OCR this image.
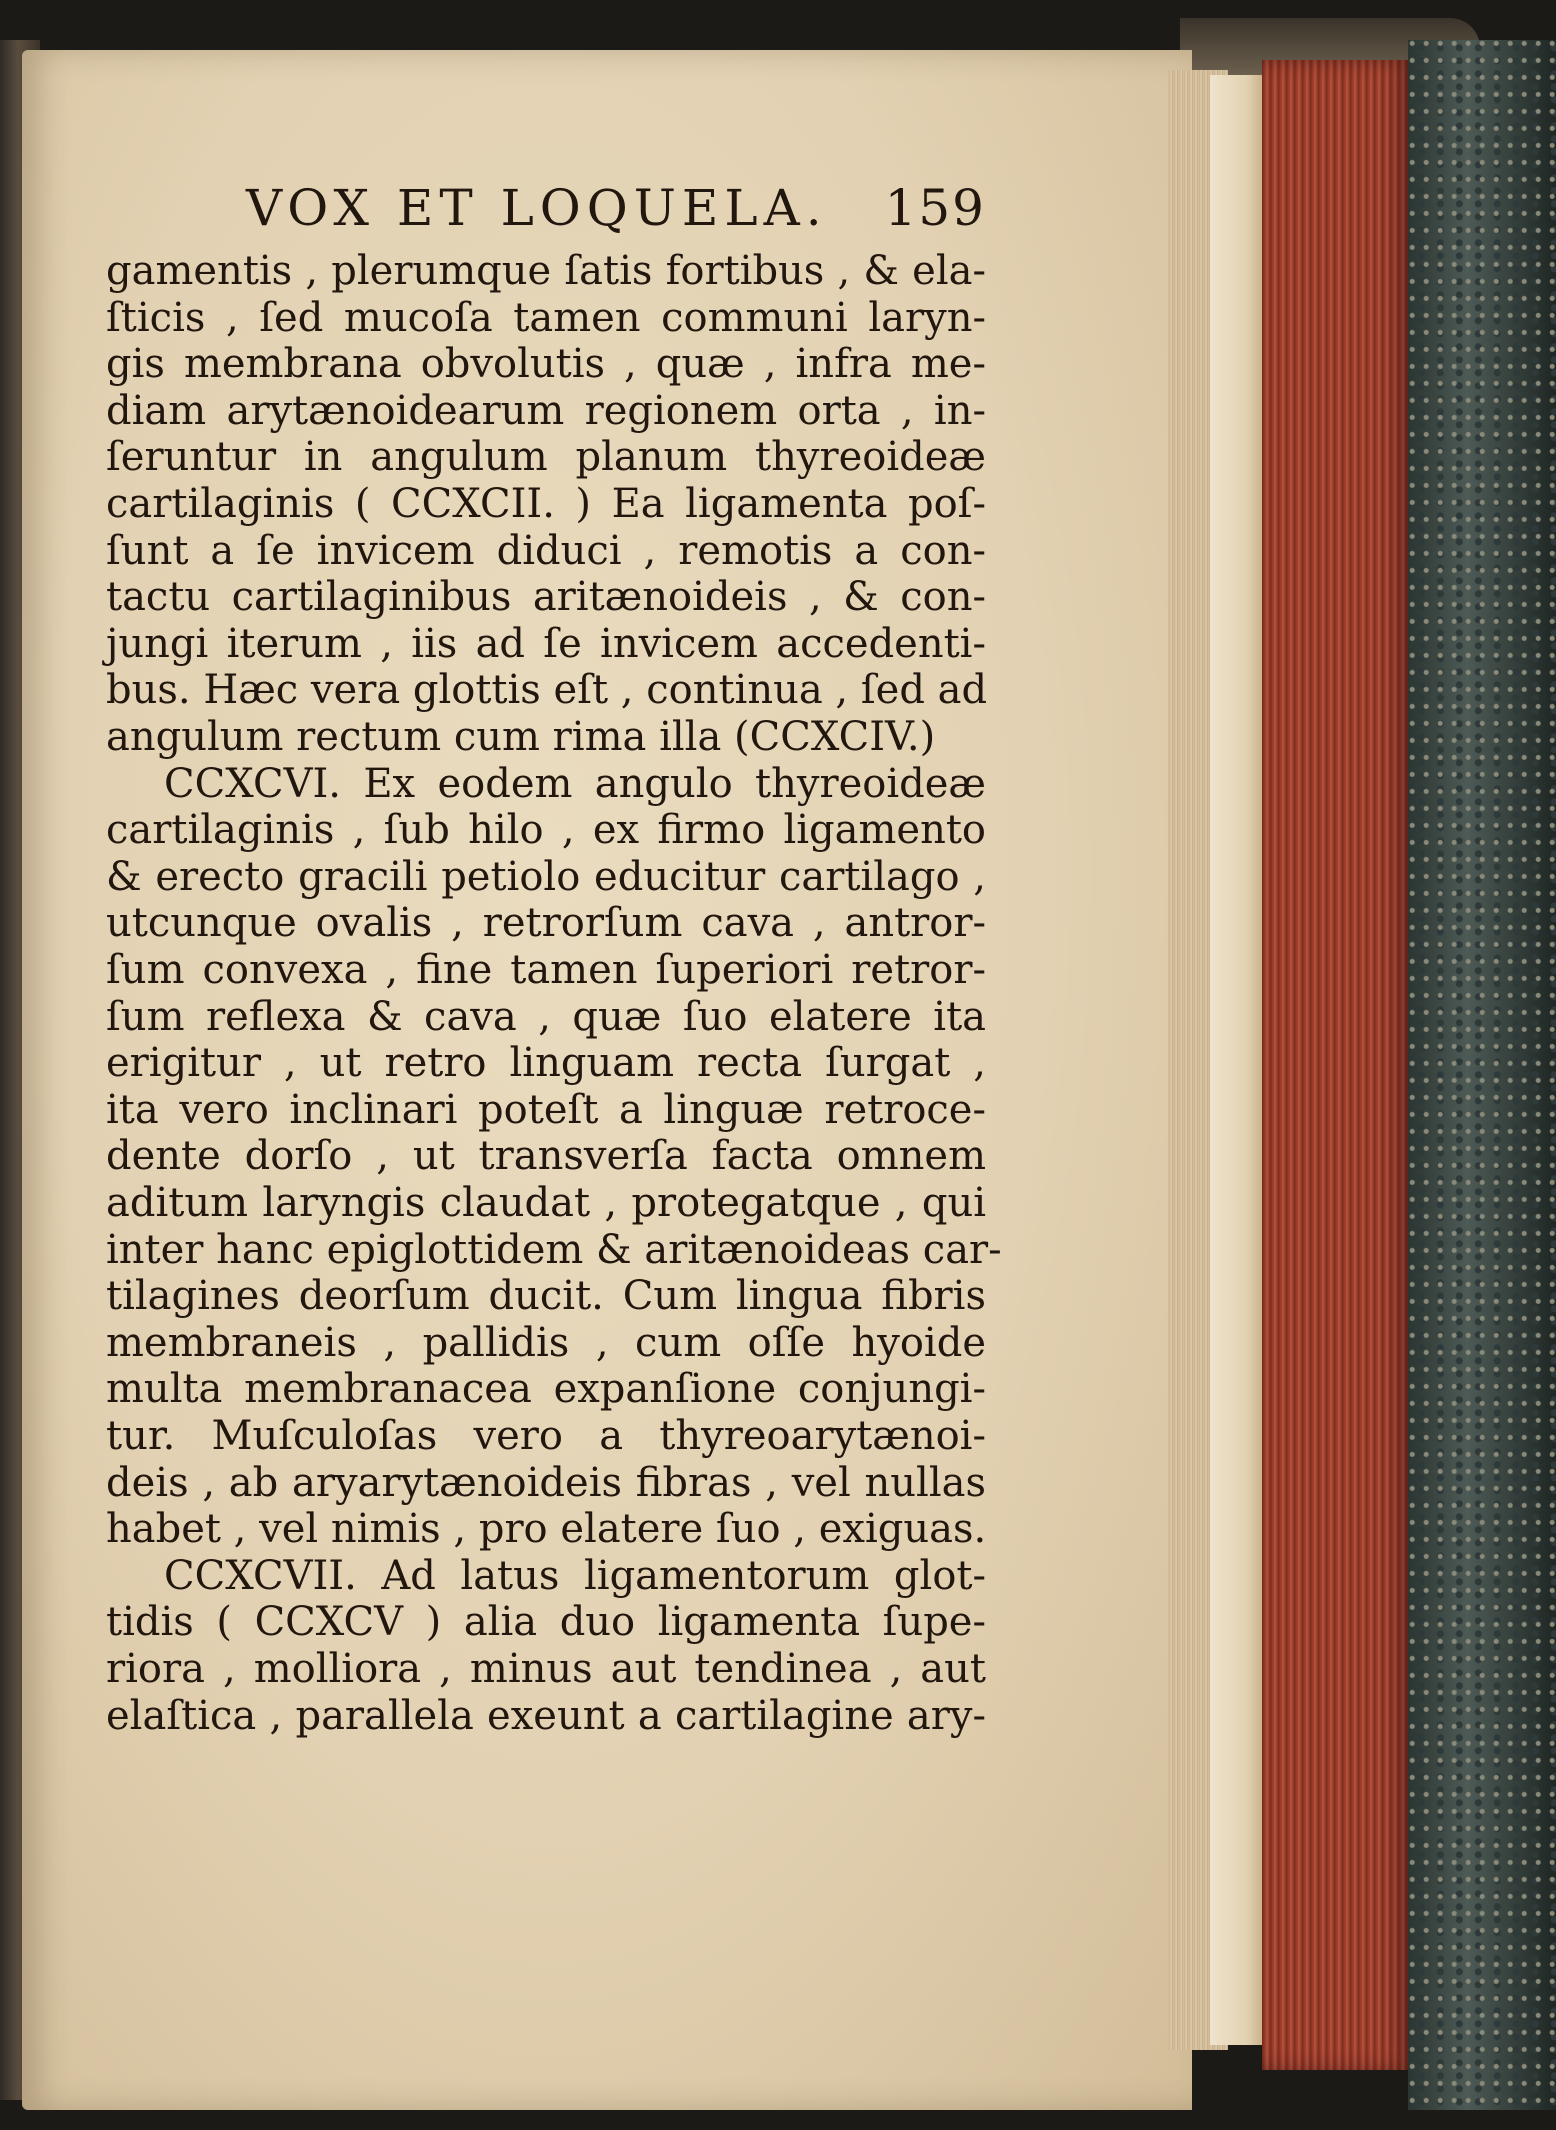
VOX ET LOQUELA. 159
gamentis , plerumque ſatis fortibus , & ela-
ſticis , ſed mucoſa tamen communi laryn-
gis membrana obvolutis , quæ , infra me-
diam arytænoidearum regionem orta , in-
ſeruntur in angulum planum thyreoideæ
cartilaginis ( CCXCII. ) Ea ligamenta poſ-
ſunt a ſe invicem diduci , remotis a con-
tactu cartilaginibus aritænoideis , & con-
jungi iterum , iis ad ſe invicem accedenti-
bus. Hæc vera glottis eſt , continua , ſed ad
angulum rectum cum rima illa (CCXCIV.)
CCXCVI. Ex eodem angulo thyreoideæ
cartilaginis , ſub hilo , ex firmo ligamento
& erecto gracili petiolo educitur cartilago ,
utcunque ovalis , retrorſum cava , antror-
ſum convexa , fine tamen ſuperiori retror-
ſum reflexa & cava , quæ ſuo elatere ita
erigitur , ut retro linguam recta ſurgat ,
ita vero inclinari poteſt a linguæ retroce-
dente dorſo , ut transverſa facta omnem
aditum laryngis claudat , protegatque , qui
inter hanc epiglottidem & aritænoideas car-
tilagines deorſum ducit. Cum lingua fibris
membraneis , pallidis , cum oſſe hyoide
multa membranacea expanſione conjungi-
tur. Muſculoſas vero a thyreoarytænoi-
deis , ab aryarytænoideis fibras , vel nullas
habet , vel nimis , pro elatere ſuo , exiguas.
CCXCVII. Ad latus ligamentorum glot-
tidis ( CCXCV ) alia duo ligamenta ſupe-
riora , molliora , minus aut tendinea , aut
elaſtica , parallela exeunt a cartilagine ary-
